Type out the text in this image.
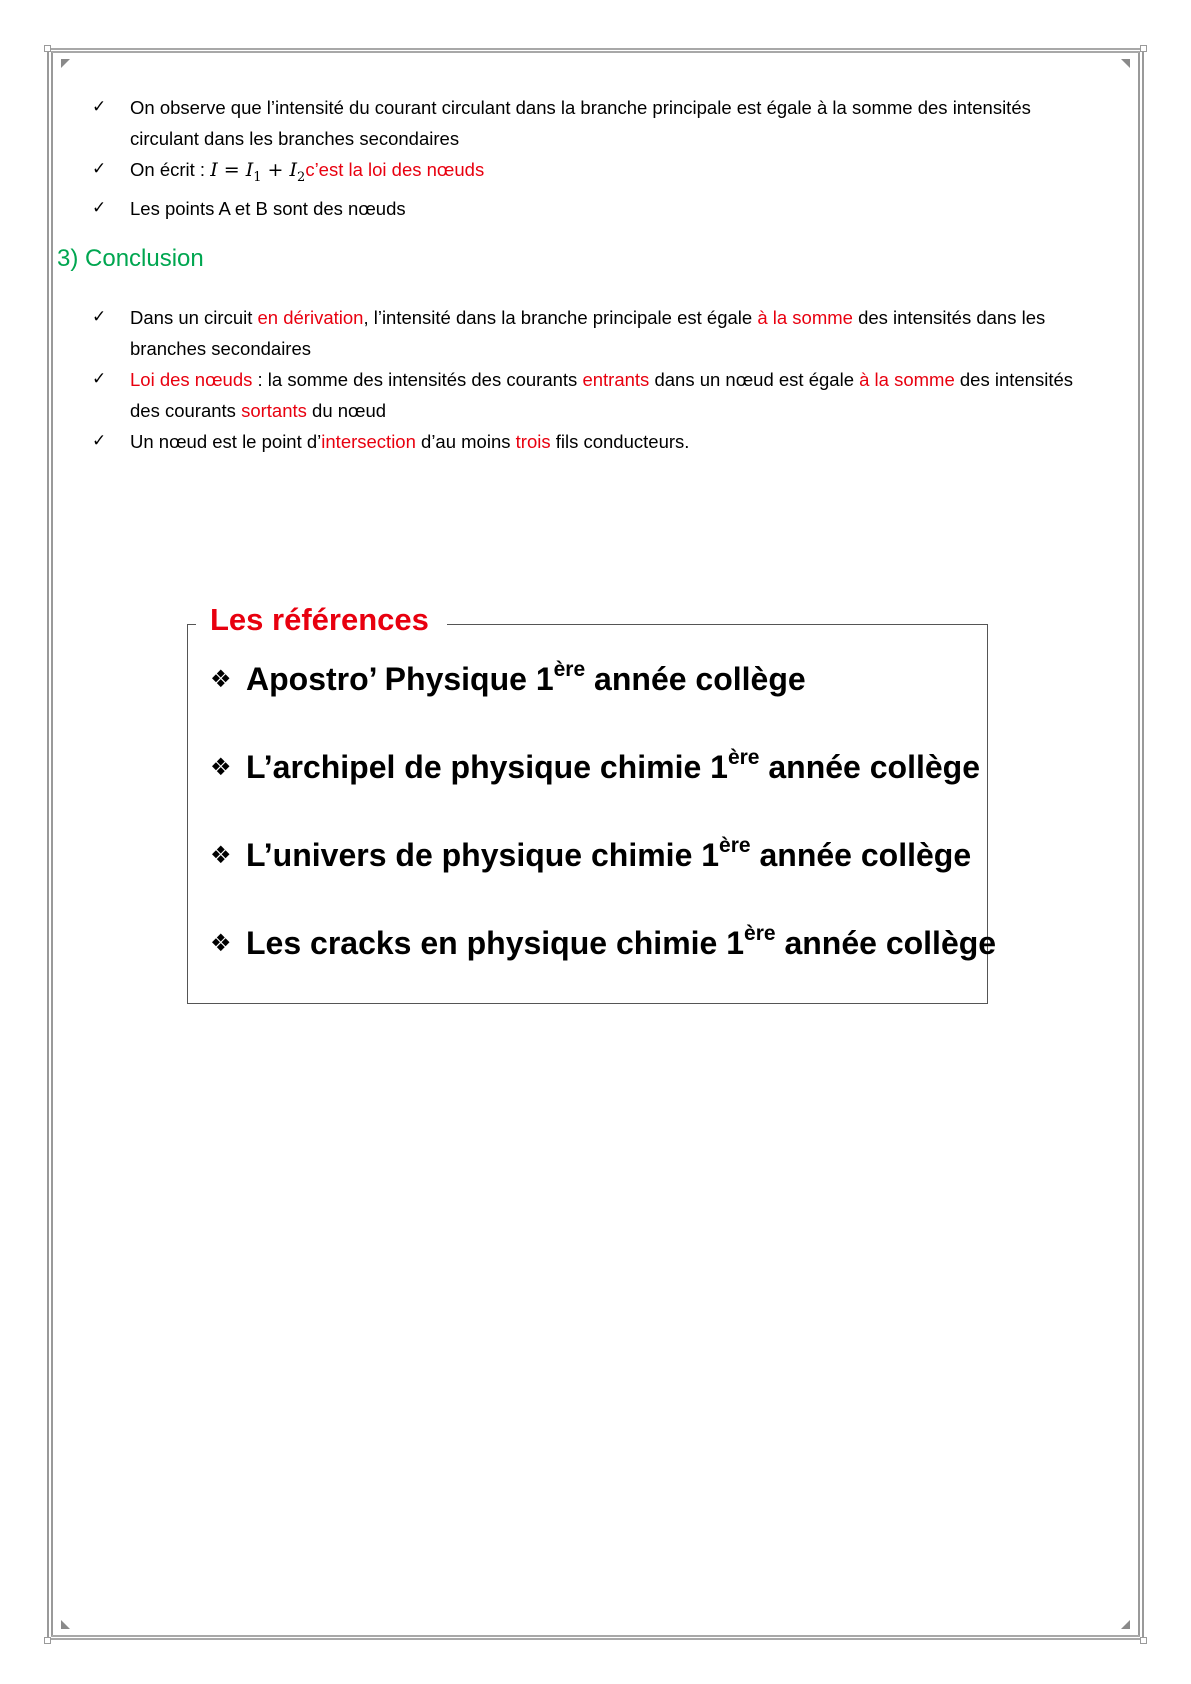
✓ On observe que l’intensité du courant circulant dans la branche principale est égale à la somme des intensités
circulant dans les branches secondaires
✓ On écrit : $I = I_1$ + $I_2c’est$ la loi des nœuds
✓ Les points A et B sont des nœuds
3) Conclusion
✓ Dans un circuit en dérivation, l’intensité dans la branche principale est égale à la somme des intensités dans les
branches secondaires
✓ Loi des nœuds : la somme des intensités des courants entrants dans un nœud est égale à la somme des intensités
des courants sortants du nœud
✓ Un nœud est le point d’intersection d’au moins trois fils conducteurs.
Les références
❖ Apostro’ Physique 1ère année collège
❖ L’archipel de physique chimie 1ère année collège
❖ L’univers de physique chimie 1ère année collège
❖ Les cracks en physique chimie 1ère année collège
